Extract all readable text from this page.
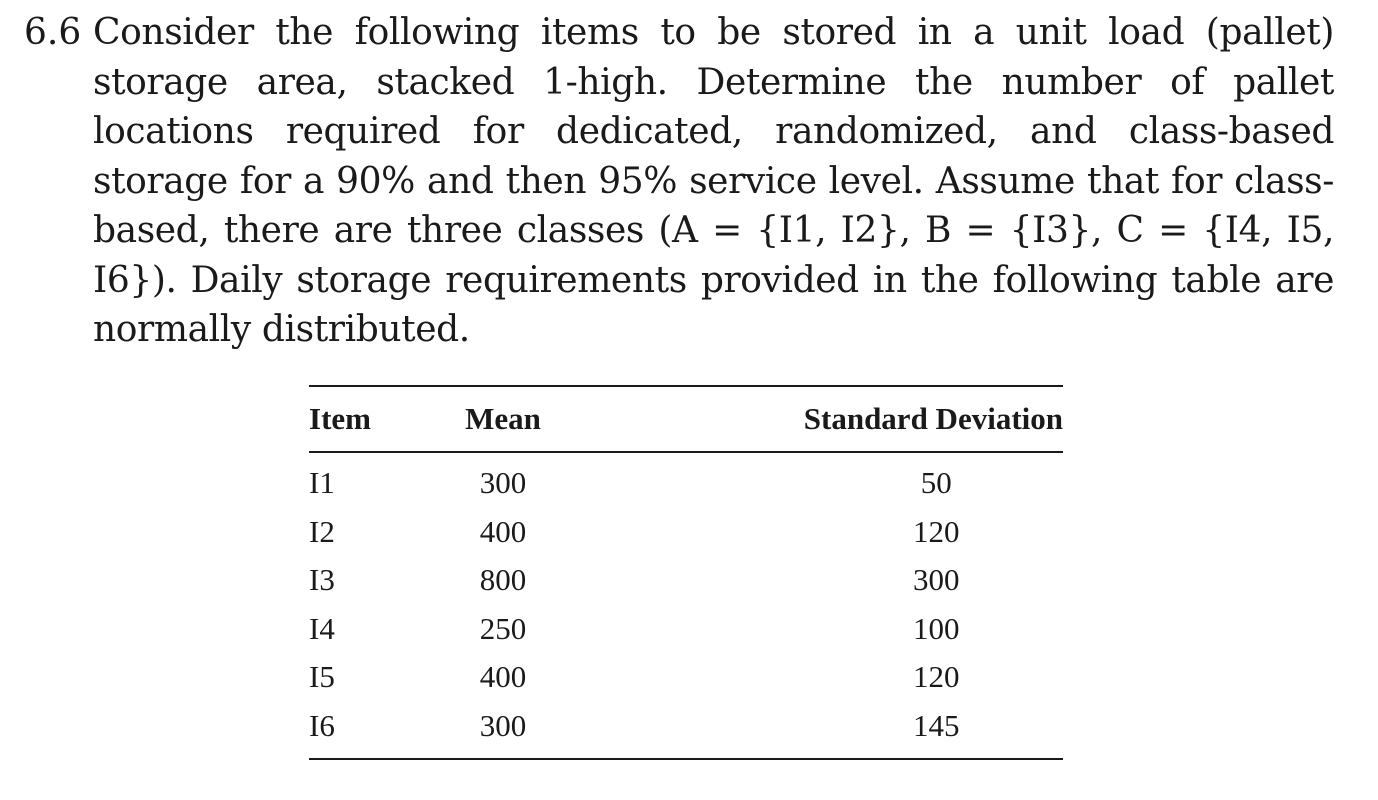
6.6 Consider the following items to be stored in a unit load (pallet) storage area, stacked 1-high. Determine the number of pallet locations required for dedicated, randomized, and class-based storage for a 90% and then 95% service level. Assume that for class-based, there are three classes (A = {I1, I2}, B = {I3}, C = {I4, I5, I6}). Daily storage requirements provided in the following table are normally distributed.
Item	Mean	Standard Deviation
I1	300	50
I2	400	120
I3	800	300
I4	250	100
I5	400	120
I6	300	145
